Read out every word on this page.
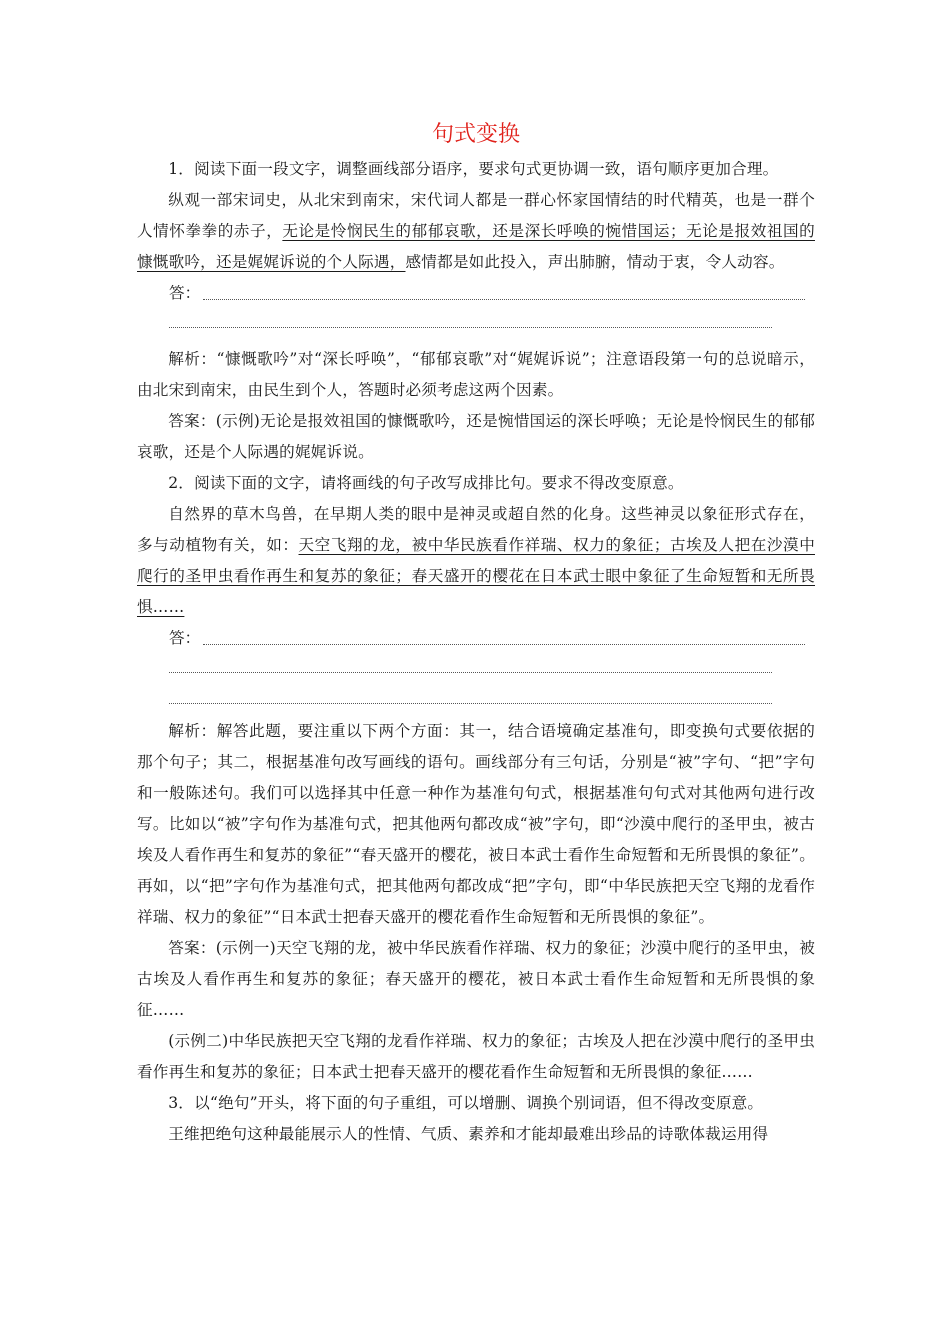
句式变换

1．阅读下面一段文字，调整画线部分语序，要求句式更协调一致，语句顺序更加合理。

纵观一部宋词史，从北宋到南宋，宋代词人都是一群心怀家国情结的时代精英，也是一群个人情怀拳拳的赤子，无论是怜悯民生的郁郁哀歌，还是深长呼唤的惋惜国运；无论是报效祖国的慷慨歌吟，还是娓娓诉说的个人际遇，感情都是如此投入，声出肺腑，情动于衷，令人动容。

答：

解析：“慷慨歌吟”对“深长呼唤”，“郁郁哀歌”对“娓娓诉说”；注意语段第一句的总说暗示，由北宋到南宋，由民生到个人，答题时必须考虑这两个因素。

答案：(示例)无论是报效祖国的慷慨歌吟，还是惋惜国运的深长呼唤；无论是怜悯民生的郁郁哀歌，还是个人际遇的娓娓诉说。

2．阅读下面的文字，请将画线的句子改写成排比句。要求不得改变原意。

自然界的草木鸟兽，在早期人类的眼中是神灵或超自然的化身。这些神灵以象征形式存在，多与动植物有关，如：天空飞翔的龙，被中华民族看作祥瑞、权力的象征；古埃及人把在沙漠中爬行的圣甲虫看作再生和复苏的象征；春天盛开的樱花在日本武士眼中象征了生命短暂和无所畏惧……

答：

解析：解答此题，要注重以下两个方面：其一，结合语境确定基准句，即变换句式要依据的那个句子；其二，根据基准句改写画线的语句。画线部分有三句话，分别是“被”字句、“把”字句和一般陈述句。我们可以选择其中任意一种作为基准句句式，根据基准句句式对其他两句进行改写。比如以“被”字句作为基准句式，把其他两句都改成“被”字句，即“沙漠中爬行的圣甲虫，被古埃及人看作再生和复苏的象征”“春天盛开的樱花，被日本武士看作生命短暂和无所畏惧的象征”。再如，以“把”字句作为基准句式，把其他两句都改成“把”字句，即“中华民族把天空飞翔的龙看作祥瑞、权力的象征”“日本武士把春天盛开的樱花看作生命短暂和无所畏惧的象征”。

答案：(示例一)天空飞翔的龙，被中华民族看作祥瑞、权力的象征；沙漠中爬行的圣甲虫，被古埃及人看作再生和复苏的象征；春天盛开的樱花，被日本武士看作生命短暂和无所畏惧的象征……

(示例二)中华民族把天空飞翔的龙看作祥瑞、权力的象征；古埃及人把在沙漠中爬行的圣甲虫看作再生和复苏的象征；日本武士把春天盛开的樱花看作生命短暂和无所畏惧的象征……

3．以“绝句”开头，将下面的句子重组，可以增删、调换个别词语，但不得改变原意。

王维把绝句这种最能展示人的性情、气质、素养和才能却最难出珍品的诗歌体裁运用得
